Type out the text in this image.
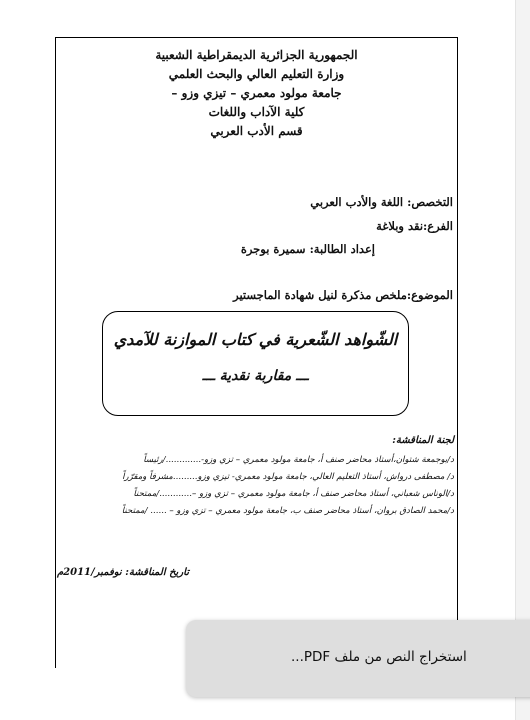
الجمهورية الجزائرية الديمقراطية الشعبية
وزارة التعليم العالي والبحث العلمي
جامعة مولود معمري – تيزي وزو –
كلية الآداب واللغات
قسم الأدب العربي
التخصص: اللغة والأدب العربي
الفرع:نقد وبلاغة
إعداد الطالبة: سميرة بوجرة
الموضوع:ملخص مذكرة لنيل شهادة الماجستير
الشّواهد الشّعرية في كتاب الموازنة للآمدي
ـــ مقاربة نقدية ـــ
لجنة المناقشة:
د/بوجمعة شتوان،أستاذ محاضر صنف أ، جامعة مولود معمري – تزي وزو-............./رئيساً
د/ مصطفى درواش، أستاذ التعليم العالي، جامعة مولود معمري- تيزي وزو.........مشرفاً ومقرّراً
د/الوناس شعباني، أستاذ محاضر صنف أ، جامعة مولود معمري – تزي وزو –............/ممتحناً
د/محمد الصادق بروان، أستاذ محاضر صنف ب، جامعة مولود معمري – تزي وزو – ...... /ممتحناً
تاريخ المناقشة: نوفمبر/2011م
استخراج النص من ملف PDF...
